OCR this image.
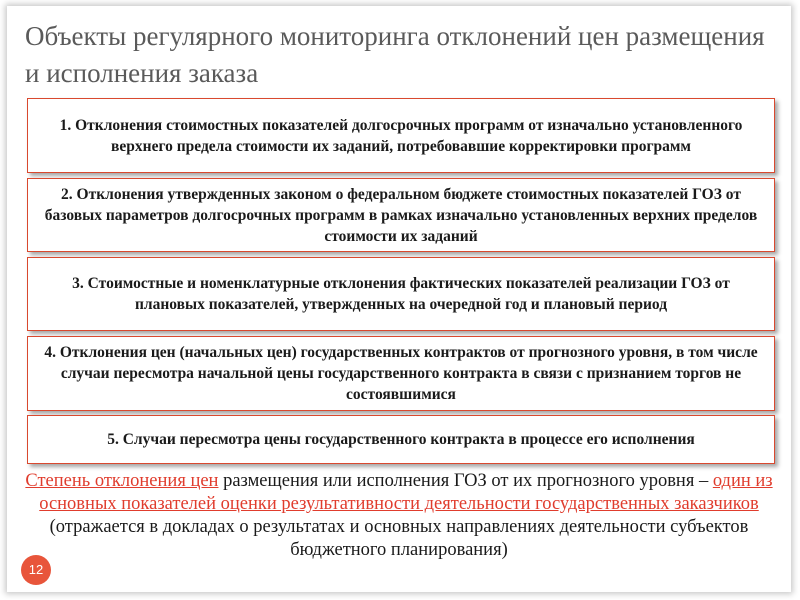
Объекты регулярного мониторинга отклонений цен размещения и исполнения заказа
1. Отклонения стоимостных показателей долгосрочных программ от изначально установленного верхнего предела стоимости их заданий, потребовавшие корректировки программ
2. Отклонения утвержденных законом о федеральном бюджете стоимостных показателей ГОЗ от базовых параметров долгосрочных программ в рамках изначально установленных верхних пределов стоимости их заданий
3. Стоимостные и номенклатурные отклонения фактических показателей реализации ГОЗ от плановых показателей, утвержденных на очередной год и плановый период
4. Отклонения цен (начальных цен) государственных контрактов от прогнозного уровня, в том числе случаи пересмотра начальной цены государственного контракта в связи с признанием торгов не состоявшимися
5. Случаи пересмотра цены государственного контракта в процессе его исполнения
Степень отклонения цен размещения или исполнения ГОЗ от их прогнозного уровня – один из основных показателей оценки результативности деятельности государственных заказчиков (отражается в докладах о результатах и основных направлениях деятельности субъектов бюджетного планирования)
12
